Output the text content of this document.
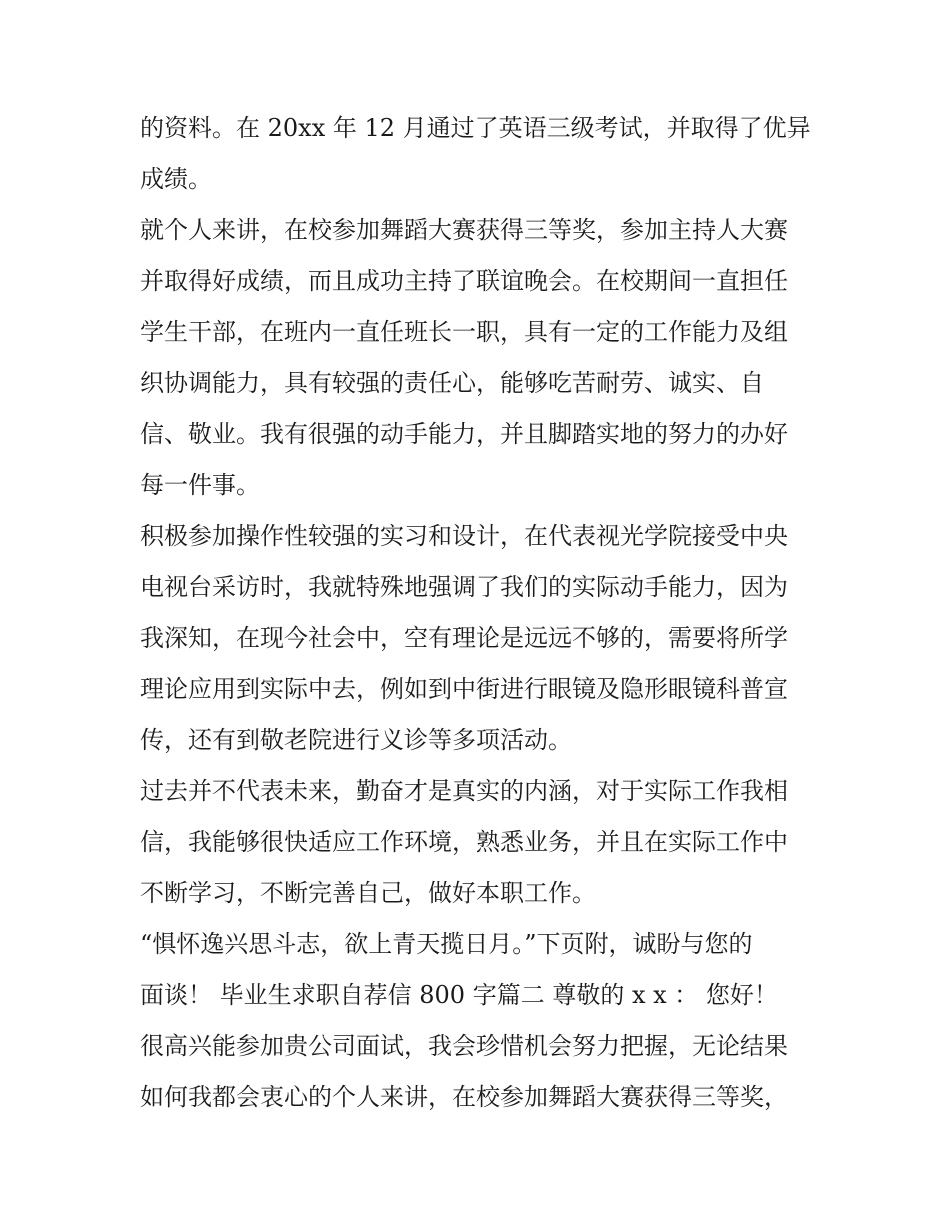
的资料。在 20xx 年 12 月通过了英语三级考试，并取得了优异
成绩。
就个人来讲，在校参加舞蹈大赛获得三等奖，参加主持人大赛
并取得好成绩，而且成功主持了联谊晚会。在校期间一直担任
学生干部，在班内一直任班长一职，具有一定的工作能力及组
织协调能力，具有较强的责任心，能够吃苦耐劳、诚实、自
信、敬业。我有很强的动手能力，并且脚踏实地的努力的办好
每一件事。
积极参加操作性较强的实习和设计，在代表视光学院接受中央
电视台采访时，我就特殊地强调了我们的实际动手能力，因为
我深知，在现今社会中，空有理论是远远不够的，需要将所学
理论应用到实际中去，例如到中街进行眼镜及隐形眼镜科普宣
传，还有到敬老院进行义诊等多项活动。
过去并不代表未来，勤奋才是真实的内涵，对于实际工作我相
信，我能够很快适应工作环境，熟悉业务，并且在实际工作中
不断学习，不断完善自己，做好本职工作。
“惧怀逸兴思斗志，欲上青天揽日月。”下页附，诚盼与您的
面谈！ 毕业生求职自荐信 800 字篇二 尊敬的 x x ： 您好！
很高兴能参加贵公司面试，我会珍惜机会努力把握，无论结果
如何我都会衷心的个人来讲，在校参加舞蹈大赛获得三等奖，
